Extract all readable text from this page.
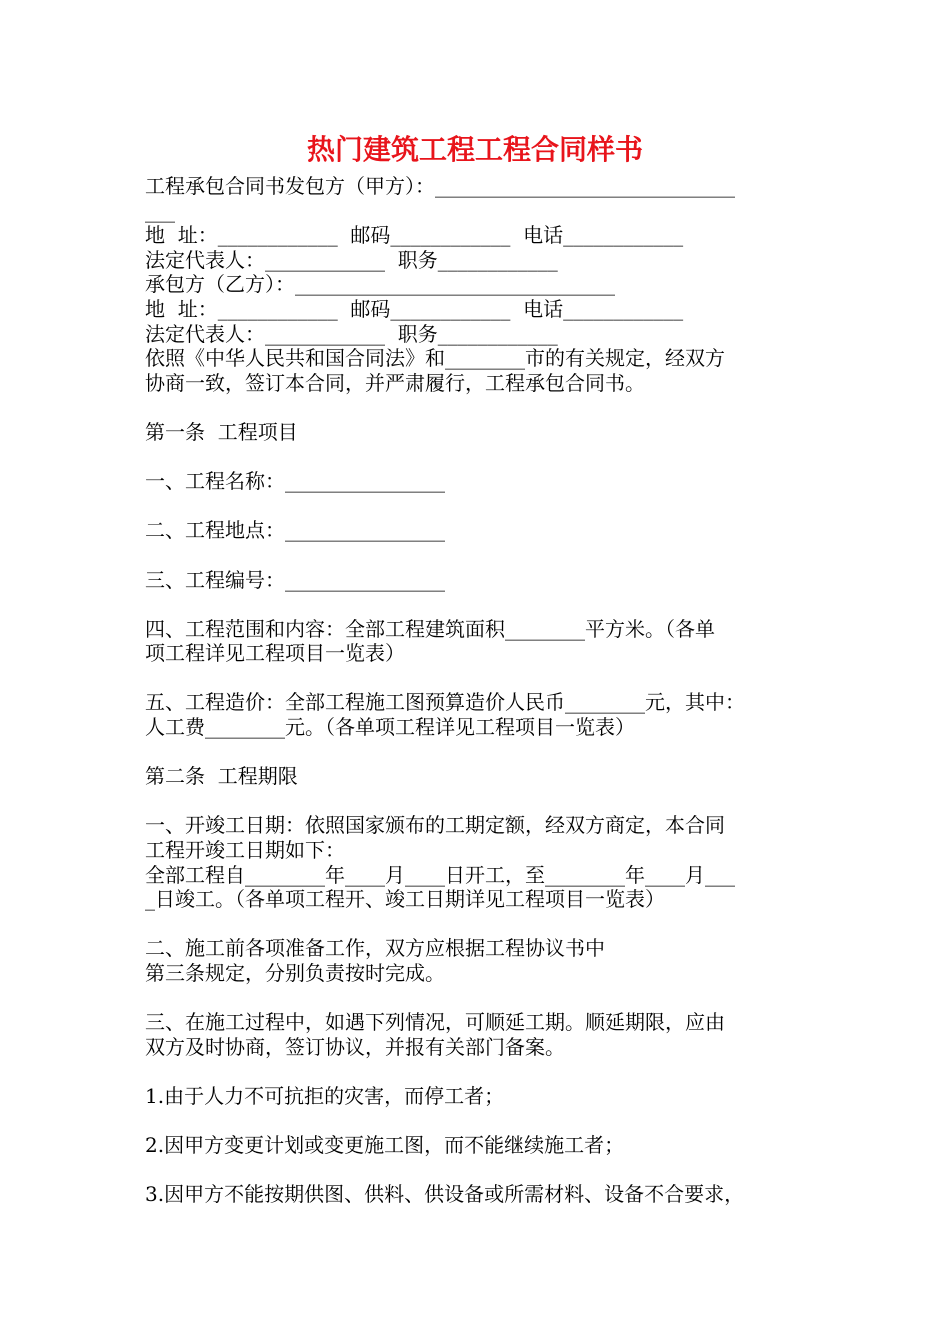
热门建筑工程工程合同样书
工程承包合同书发包方（甲方）：______________________________
___
地  址：____________  邮码____________  电话____________
法定代表人：____________  职务____________
承包方（乙方）：________________________________
地  址：____________  邮码____________  电话____________
法定代表人：____________  职务____________
依照《中华人民共和国合同法》和________市的有关规定，经双方
协商一致，签订本合同，并严肃履行，工程承包合同书。
第一条  工程项目
一、工程名称：________________
二、工程地点：________________
三、工程编号：________________
四、工程范围和内容：全部工程建筑面积________平方米。（各单
项工程详见工程项目一览表）
五、工程造价：全部工程施工图预算造价人民币________元，其中：
人工费________元。（各单项工程详见工程项目一览表）
第二条  工程期限
一、开竣工日期：依照国家颁布的工期定额，经双方商定，本合同
工程开竣工日期如下：
全部工程自________年____月____日开工，至________年____月___
_日竣工。（各单项工程开、竣工日期详见工程项目一览表）
二、施工前各项准备工作，双方应根据工程协议书中
第三条规定，分别负责按时完成。
三、在施工过程中，如遇下列情况，可顺延工期。顺延期限，应由
双方及时协商，签订协议，并报有关部门备案。
1.由于人力不可抗拒的灾害，而停工者；
2.因甲方变更计划或变更施工图，而不能继续施工者；
3.因甲方不能按期供图、供料、供设备或所需材料、设备不合要求，
